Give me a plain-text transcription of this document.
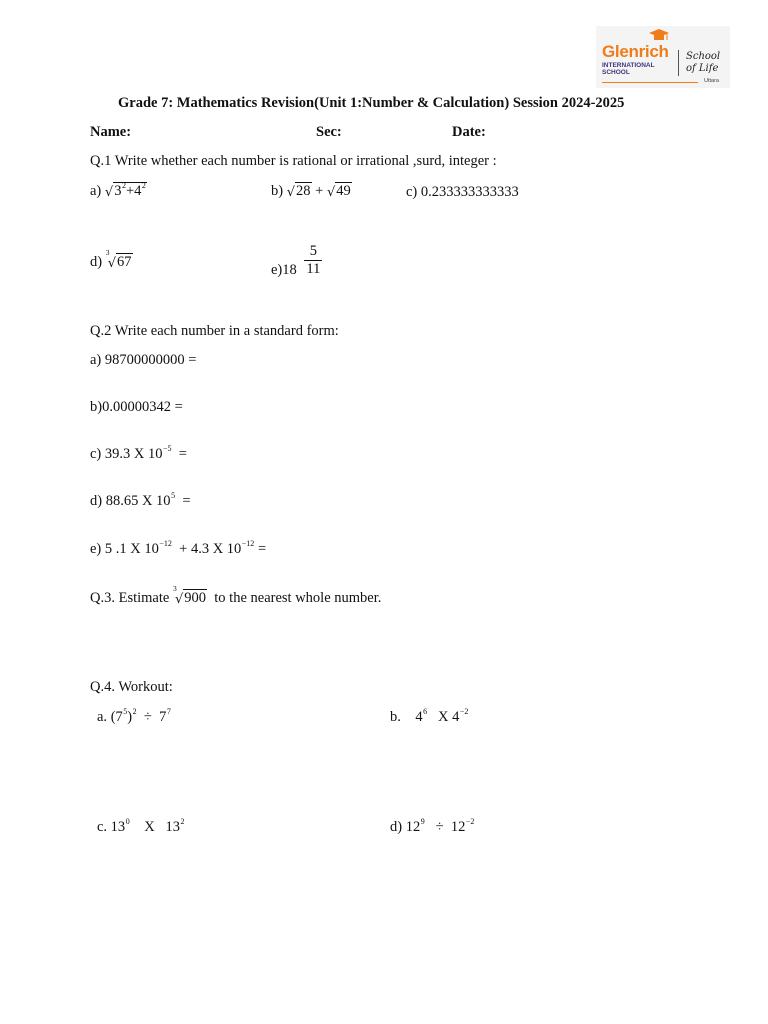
Glenrich
INTERNATIONAL
SCHOOL
School
of Life
Uttara
Grade 7: Mathematics Revision(Unit 1:Number & Calculation) Session 2024-2025
Name:	Sec:	Date:
Q.1 Write whether each number is rational or irrational ,surd, integer :
a) $√3^2+4^2$	b) √28 + √49	c) 0.233333333333
d)
3
√67	$e)18 \frac{5}{11}$
Q.2 Write each number in a standard form:
a) 98700000000 =
b)0.00000342 =
c) 39.3 X $10^{-5}$ =
d) 88.65 X $10^5$ =
e) 5 .1 X $10^{-12} + 4.3$ X $10^{-12}$ =
Q.3. Estimate
3
√900 to the nearest whole number.
Q.4. Workout:
a. $(7^5)^2 \div 7^7$	b. $4^6$ X $4^{-2}$
c. $13^0$ X $13^2$	d) $12^9 \div 12^{-2}$
